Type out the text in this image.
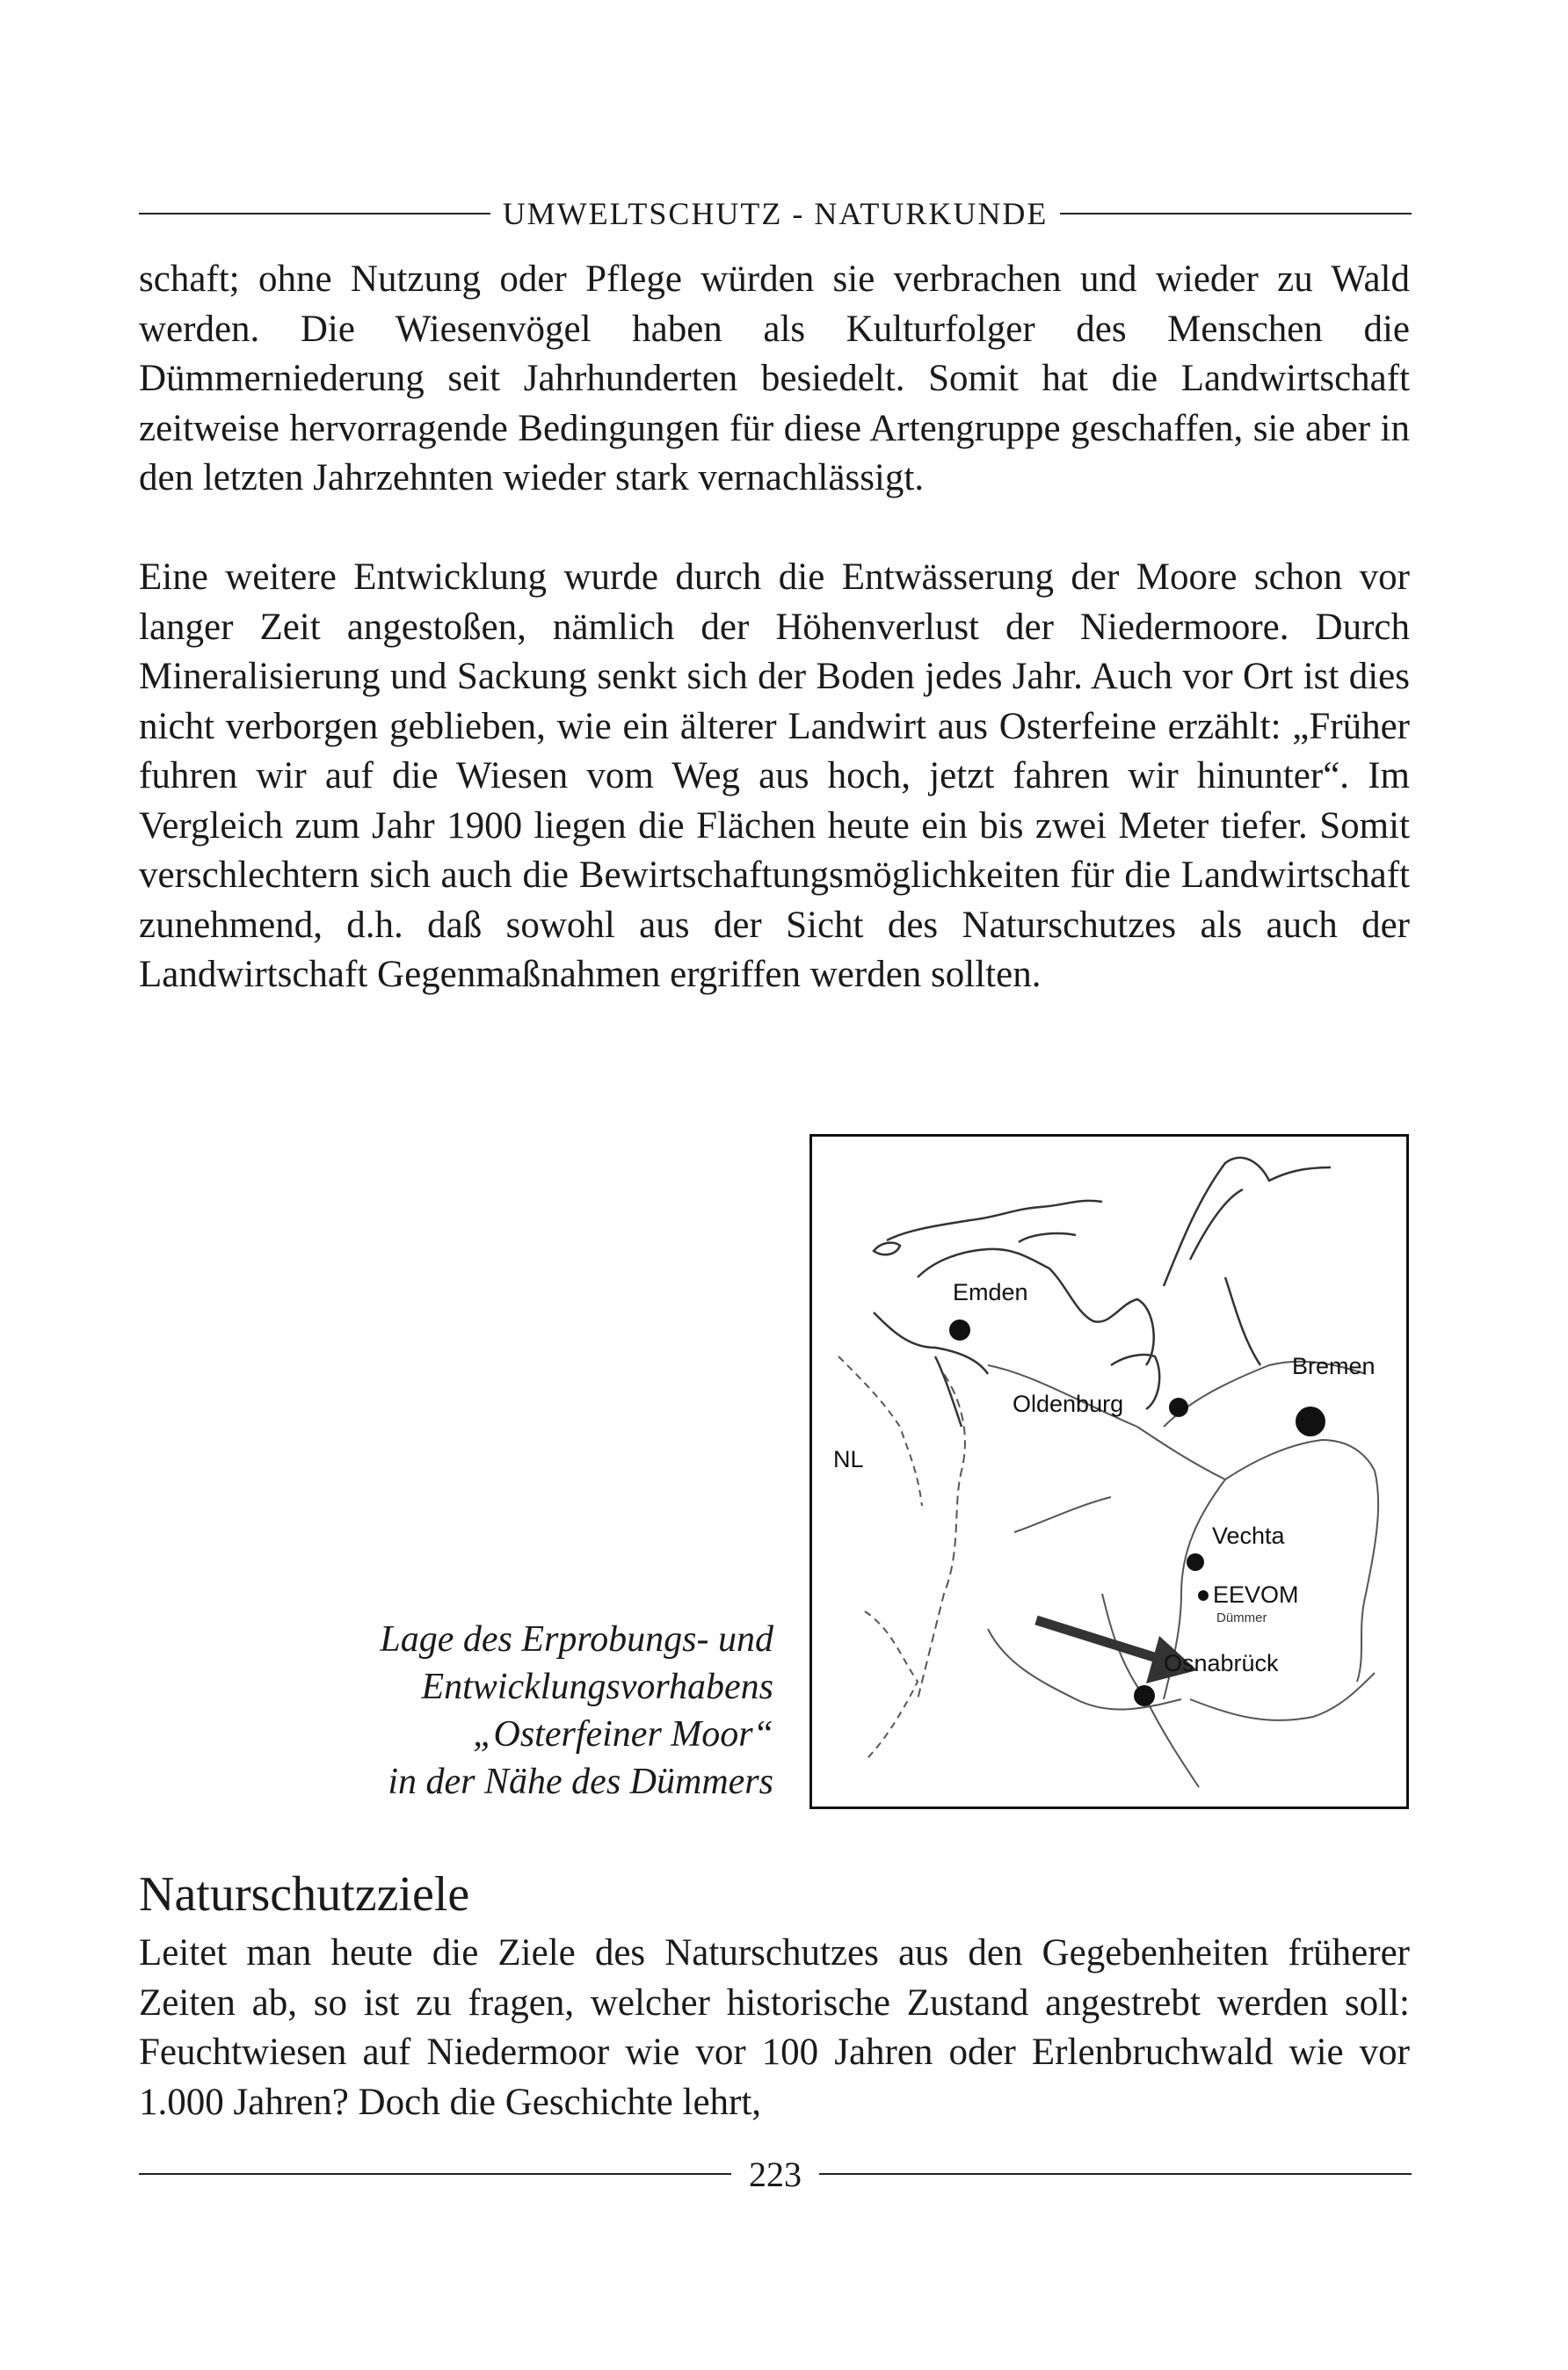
UMWELTSCHUTZ - NATURKUNDE

schaft; ohne Nutzung oder Pflege würden sie verbrachen und wieder zu Wald werden. Die Wiesenvögel haben als Kulturfolger des Menschen die Dümmerniederung seit Jahrhunderten besiedelt. Somit hat die Landwirtschaft zeitweise hervorragende Bedingungen für diese Artengruppe geschaffen, sie aber in den letzten Jahrzehnten wieder stark vernachlässigt.

Eine weitere Entwicklung wurde durch die Entwässerung der Moore schon vor langer Zeit angestoßen, nämlich der Höhenverlust der Niedermoore. Durch Mineralisierung und Sackung senkt sich der Boden jedes Jahr. Auch vor Ort ist dies nicht verborgen geblieben, wie ein älterer Landwirt aus Osterfeine erzählt: „Früher fuhren wir auf die Wiesen vom Weg aus hoch, jetzt fahren wir hinunter“. Im Vergleich zum Jahr 1900 liegen die Flächen heute ein bis zwei Meter tiefer. Somit verschlechtern sich auch die Bewirtschaftungsmöglichkeiten für die Landwirtschaft zunehmend, d.h. daß sowohl aus der Sicht des Naturschutzes als auch der Landwirtschaft Gegenmaßnahmen ergriffen werden sollten.

Emden
Oldenburg
Bremen
NL
Vechta
EEVOM
Dümmer
Osnabrück
Lage des Erprobungs- und
Entwicklungsvorhabens
„Osterfeiner Moor“
in der Nähe des Dümmers
Naturschutzziele

Leitet man heute die Ziele des Naturschutzes aus den Gegebenheiten früherer Zeiten ab, so ist zu fragen, welcher historische Zustand angestrebt werden soll: Feuchtwiesen auf Niedermoor wie vor 100 Jahren oder Erlenbruchwald wie vor 1.000 Jahren? Doch die Geschichte lehrt,

223
